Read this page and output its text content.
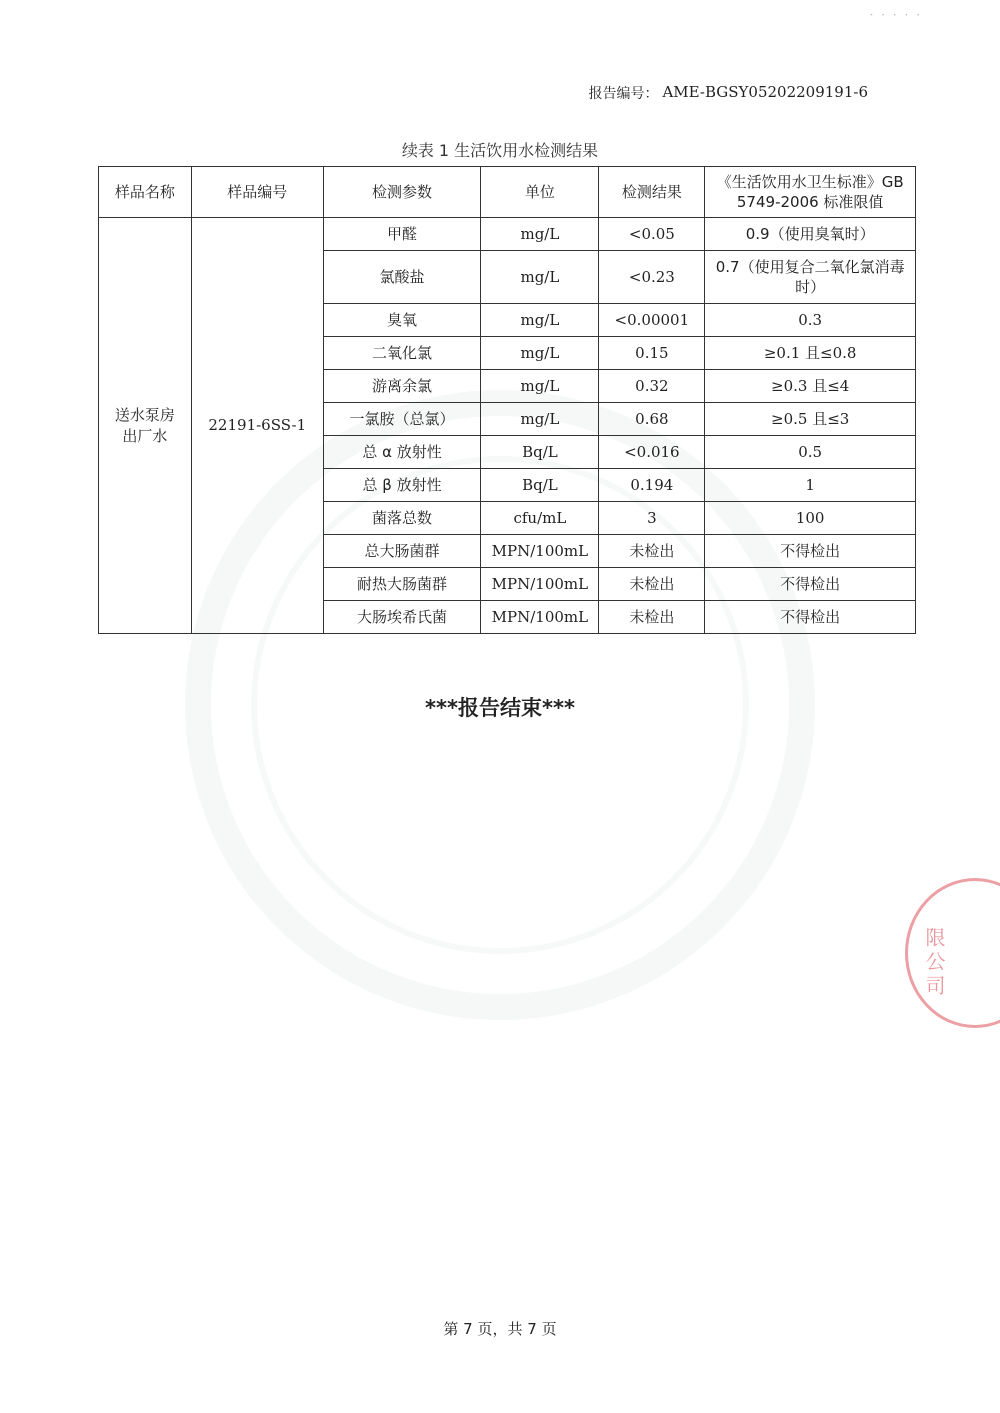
· · · · ·
报告编号： AME-BGSY05202209191-6
续表 1 生活饮用水检测结果
样品名称	样品编号	检测参数	单位	检测结果	《生活饮用水卫生标准》GB 5749-2006 标准限值
送水泵房出厂水	22191-6SS-1	甲醛	mg/L	<0.05	0.9（使用臭氧时）
		氯酸盐	mg/L	<0.23	0.7（使用复合二氧化氯消毒时）
		臭氧	mg/L	<0.00001	0.3
		二氧化氯	mg/L	0.15	≥0.1 且≤0.8
		游离余氯	mg/L	0.32	≥0.3 且≤4
		一氯胺（总氯）	mg/L	0.68	≥0.5 且≤3
		总 α 放射性	Bq/L	<0.016	0.5
		总 β 放射性	Bq/L	0.194	1
		菌落总数	cfu/mL	3	100
		总大肠菌群	MPN/100mL	未检出	不得检出
		耐热大肠菌群	MPN/100mL	未检出	不得检出
		大肠埃希氏菌	MPN/100mL	未检出	不得检出
***报告结束***
限公司
第 7 页，共 7 页
